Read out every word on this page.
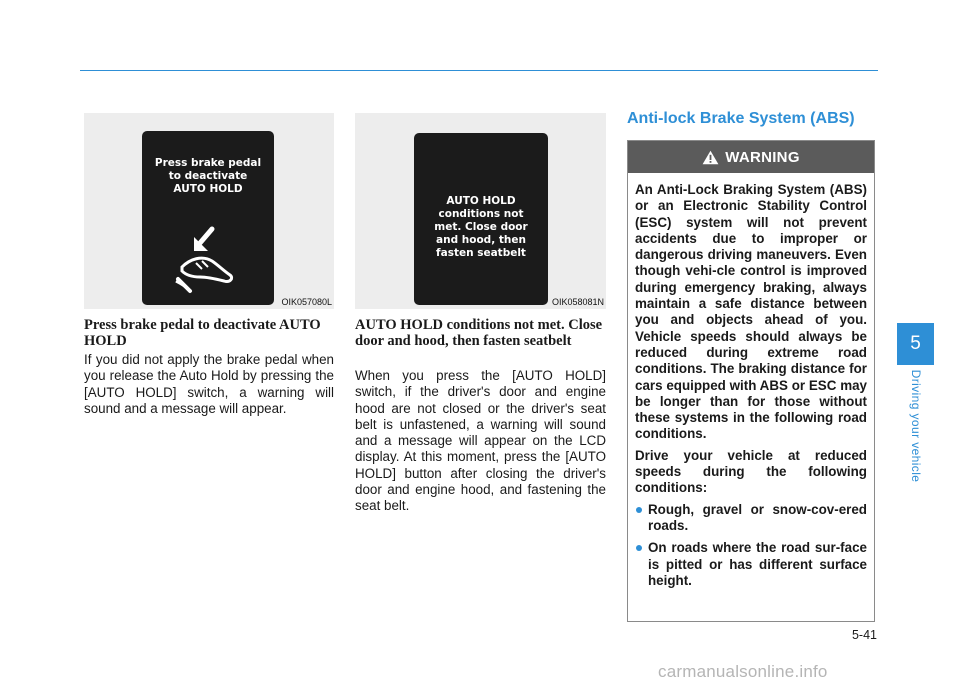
Press brake pedal
to deactivate
AUTO HOLD
OIK057080L
AUTO HOLD
conditions not
met. Close door
and hood, then
fasten seatbelt
OIK058081N
Press brake pedal to deactivate AUTO HOLD

If you did not apply the brake pedal when you release the Auto Hold by pressing the [AUTO HOLD] switch, a warning will sound and a message will appear.

AUTO HOLD conditions not met. Close door and hood, then fasten seatbelt

When you press the [AUTO HOLD] switch, if the driver's door and engine hood are not closed or the driver's seat belt is unfastened, a warning will sound and a message will appear on the LCD display. At this moment, press the [AUTO HOLD] button after closing the driver's door and engine hood, and fastening the seat belt.

Anti-lock Brake System (ABS)
WARNING

An Anti-Lock Braking System (ABS) or an Electronic Stability Control (ESC) system will not prevent accidents due to improper or dangerous driving maneuvers. Even though vehi-cle control is improved during emergency braking, always maintain a safe distance between you and objects ahead of you. Vehicle speeds should always be reduced during extreme road conditions. The braking distance for cars equipped with ABS or ESC may be longer than for those without these systems in the following road conditions.

Drive your vehicle at reduced speeds during the following conditions:

Rough, gravel or snow-cov-ered roads.
On roads where the road sur-face is pitted or has different surface height.
5
Driving your vehicle
5-41
carmanualsonline.info
